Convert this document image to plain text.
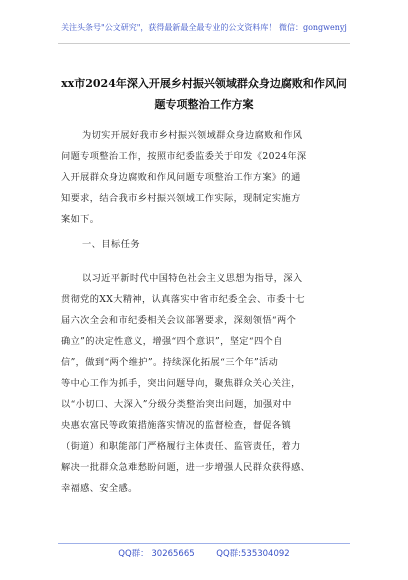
关注头条号"公文研究"，获得最新最全最专业的公文资料库！ 微信：gongwenyj
xx市2024年深入开展乡村振兴领域群众身边腐败和作风问
题专项整治工作方案
为切实开展好我市乡村振兴领域群众身边腐败和作风
问题专项整治工作，按照市纪委监委关于印发《2024年深
入开展群众身边腐败和作风问题专项整治工作方案》的通
知要求，结合我市乡村振兴领域工作实际，现制定实施方
案如下。
一、目标任务
以习近平新时代中国特色社会主义思想为指导，深入
贯彻党的XX大精神，认真落实中省市纪委全会、市委十七
届六次全会和市纪委相关会议部署要求，深刻领悟“两个
确立”的决定性意义，增强“四个意识”，坚定“四个自
信”，做到“两个维护”。持续深化拓展“三个年”活动
等中心工作为抓手，突出问题导向，聚焦群众关心关注，
以“小切口、大深入”分级分类整治突出问题，加强对中
央惠农富民等政策措施落实情况的监督检查，督促各镇
（街道）和职能部门严格履行主体责任、监管责任，着力
解决一批群众急难愁盼问题，进一步增强人民群众获得感、
幸福感、安全感。
QQ群： 30265665        QQ群:535304092
